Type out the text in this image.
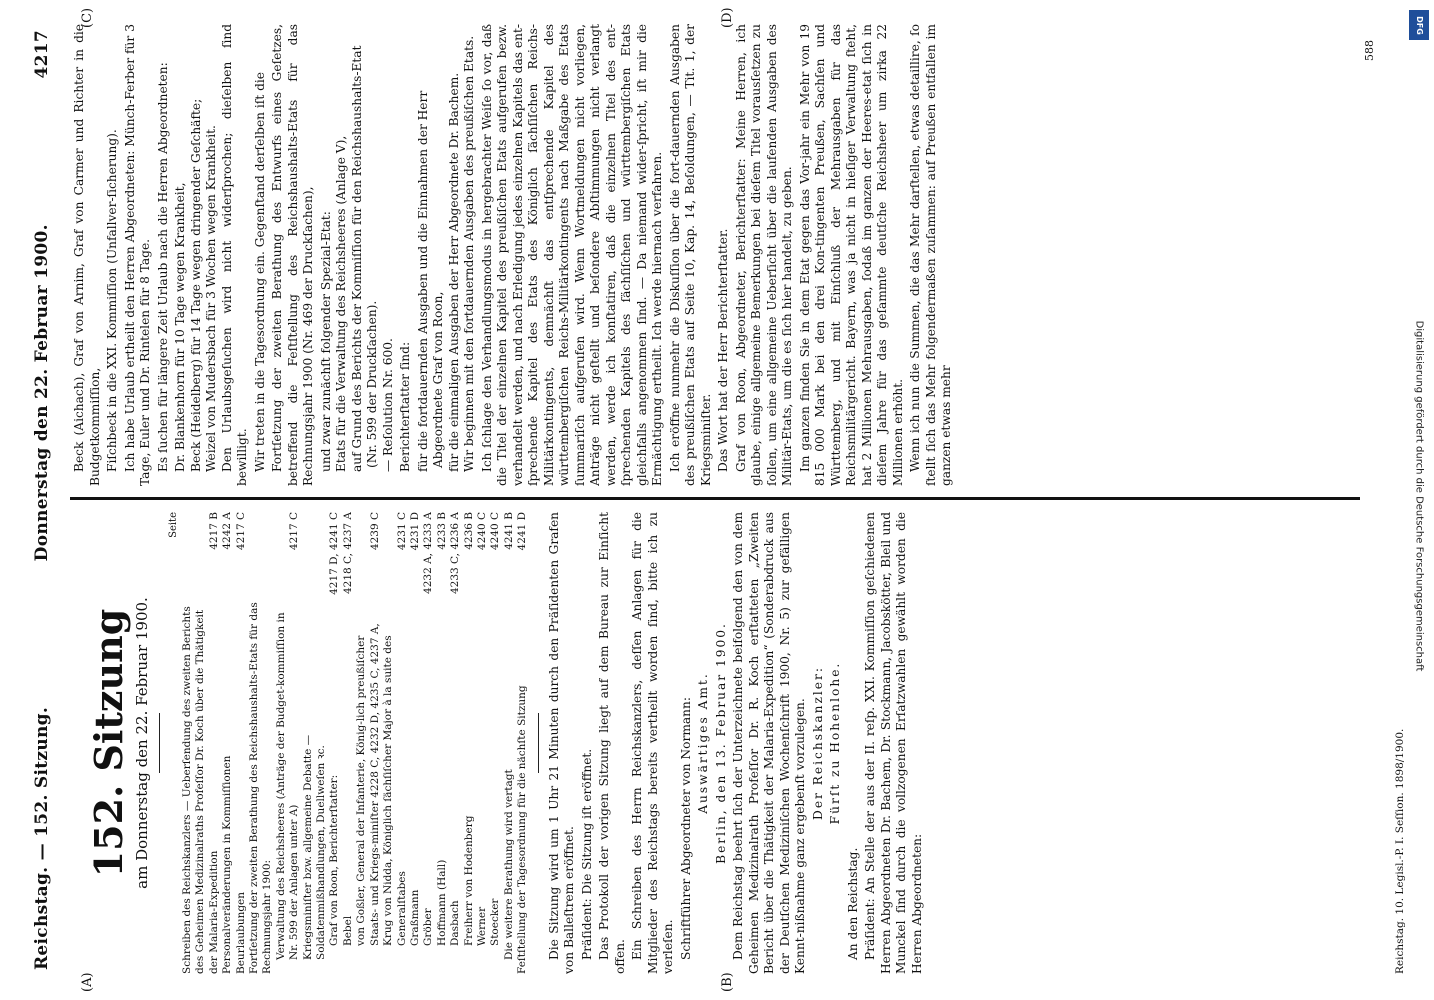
Reichstag. — 152. Sitzung.
Donnerstag den 22. Februar 1900.
4217
(A)	(B)
(C)	(D)
152. Sitzung am Donnerstag den 22. Februar 1900.
Seite
Schreiben des Reichskanzlers — Ueberſendung des zweiten Berichts des Geheimen Medizinalraths Profeſſor Dr. Koch über die Thätigkeit der Malaria-Expedition
4217 B
Personalveränderungen in Kommiſſionen
4242 A
Beurlaubungen
4217 C
Fortſetzung der zweiten Berathung des Reichshaushalts-Etats für das Rechnungsjahr 1900: Verwaltung des Reichsheeres (Anträge der Budget-kommiſſion in Nr. 599 der Anlagen unter A)
4217 C
Kriegsminiſter bzw. allgemeine Debatte — Soldatenmißhandlungen, Duellweſen ꝛc. Graf von Roon, Berichterſtatter:
4217 D, 4241 C
Bebel
4218 C, 4237 A
von Goßler, General der Infanterie, König-lich preußiſcher Staats- und Kriegs-miniſter 4228 C, 4232 D, 4235 C, 4237 A,
4239 C
Krug von Nidda, Königlich ſächſiſcher Major à la suite des Generalſtabes
4231 C
Graßmann
4231 D
Gröber
4232 A, 4233 A
Hoffmann (Hall)
4233 B
Dasbach
4233 C, 4236 A
Freiherr von Hodenberg
4236 B
Werner
4240 C
Stoecker
4240 C
Die weitere Berathung wird vertagt
4241 B
Feſtſtellung der Tagesordnung für die nächſte Sitzung
4241 D Die Sitzung wird um 1 Uhr 21 Minuten durch den Präſidenten Grafen von Balleſtrem eröffnet. Präſident: Die Sitzung iſt eröffnet. Das Protokoll der vorigen Sitzung liegt auf dem Bureau zur Einſicht offen. Ein Schreiben des Herrn Reichskanzlers, deſſen Anlagen für die Mitglieder des Reichstags bereits vertheilt worden ſind, bitte ich zu verleſen. Schriftführer Abgeordneter von Normann: Auswärtiges Amt. Berlin, den 13. Februar 1900. Dem Reichstag beehrt ſich der Unterzeichnete beifolgend den von dem Geheimen Medizinalrath Profeſſor Dr. R. Koch erſtatteten „Zweiten Bericht über die Thätigkeit der Malaria-Expedition“ (Sonderabdruck aus der Deutſchen Mediziniſchen Wochenſchrift 1900, Nr. 5) zur gefälligen Kennt-nißnahme ganz ergebenſt vorzulegen. Der Reichskanzler: Fürſt zu Hohenlohe.

An den Reichstag. Präſident: An Stelle der aus der II. reſp. XXI. Kommiſſion geſchiedenen Herren Abgeordneten Dr. Bachem, Dr. Stockmann, Jacobskötter, Bleil und Munckel ſind durch die vollzogenen Erſatzwahlen gewählt worden die Herren Abgeordneten:

Beck (Aichach), Graf von Arnim, Graf von Carmer und Richter in die Budgetkommiſſion, Fiſchbeck in die XXI. Kommiſſion (Unfallver-ſicherung). Ich habe Urlaub ertheilt den Herren Abgeordneten: Münch-Ferber für 3 Tage, Euler und Dr. Rintelen für 8 Tage. Es ſuchen für längere Zeit Urlaub nach die Herren Abgeordneten: Dr. Blankenhorn für 10 Tage wegen Krankheit, Beck (Heidelberg) für 14 Tage wegen dringender Geſchäfte; Weizel von Mudersbach für 3 Wochen wegen Krankheit. Den Urlaubsgeſuchen wird nicht widerſprochen; dieſelben ſind bewilligt. Wir treten in die Tagesordnung ein. Gegenſtand derſelben iſt die Fortſetzung der zweiten Berathung des Entwurfs eines Geſetzes, betreffend die Feſtſtellung des Reichshaushalts-Etats für das Rechnungsjahr 1900 (Nr. 469 der Druckſachen), und zwar zunächſt folgender Spezial-Etat: Etats für die Verwaltung des Reichsheeres (Anlage V), auf Grund des Berichts der Kommiſſion für den Reichshaushalts-Etat (Nr. 599 der Druckſachen). — Reſolution Nr. 600. Berichterſtatter ſind: für die fortdauernden Ausgaben und die Einnahmen der Herr Abgeordnete Graf von Roon, für die einmaligen Ausgaben der Herr Abgeordnete Dr. Bachem. Wir beginnen mit den fortdauernden Ausgaben des preußiſchen Etats. Ich ſchlage den Verhandlungsmodus in hergebrachter Weiſe ſo vor, daß die Titel der einzelnen Kapitel des preußiſchen Etats aufgerufen bezw. verhandelt werden, und nach Erledigung jedes einzelnen Kapitels das ent-ſprechende Kapitel des Etats des Königlich ſächſiſchen Reichs-Militärkontingents, demnächſt das entſprechende Kapitel des württembergiſchen Reichs-Militärkontingents nach Maßgabe des Etats ſummariſch aufgerufen wird. Wenn Wortmeldungen nicht vorliegen, Anträge nicht geſtellt und beſondere Abſtimmungen nicht verlangt werden, werde ich konſtatiren, daß die einzelnen Titel des ent-ſprechenden Kapitels des ſächſiſchen und württembergiſchen Etats gleichfalls angenommen ſind. — Da niemand wider-ſpricht, iſt mir die Ermächtigung ertheilt. Ich werde hiernach verfahren. Ich eröffne nunmehr die Diskuſſion über die fort-dauernden Ausgaben des preußiſchen Etats auf Seite 10, Kap. 14, Beſoldungen, — Tit. 1, der Kriegsminiſter. Das Wort hat der Herr Berichterſtatter. Graf von Roon, Abgeordneter, Berichterſtatter: Meine Herren, ich glaube, einige allgemeine Bemerkungen bei dieſem Titel vorausſetzen zu ſollen, um eine allgemeine Ueberſicht über die laufenden Ausgaben des Militär-Etats, um die es ſich hier handelt, zu geben. Im ganzen finden Sie in dem Etat gegen das Vor-jahr ein Mehr von 19 815 000 Mark bei den drei Kon-tingenten Preußen, Sachſen und Württemberg, und mit Einſchluß der Mehrausgaben für das Reichsmilitärgericht. Bayern, was ja nicht in hieſiger Verwaltung ſteht, hat 2 Millionen Mehrausgaben, ſodaß im ganzen der Heeres-etat ſich in dieſem Jahre für das geſammte deutſche Reichsheer um zirka 22 Millionen erhöht. Wenn ich nun die Summen, die das Mehr darſtellen, etwas detaillire, ſo ſtellt ſich das Mehr folgendermaßen zuſammen: auf Preußen entfallen im ganzen etwas mehr

Reichstag. 10. Legisl.-P. I. Seſſion. 1898/1900.
588
DFG
Digitalisierung gefördert durch die Deutsche Forschungsgemeinschaft
